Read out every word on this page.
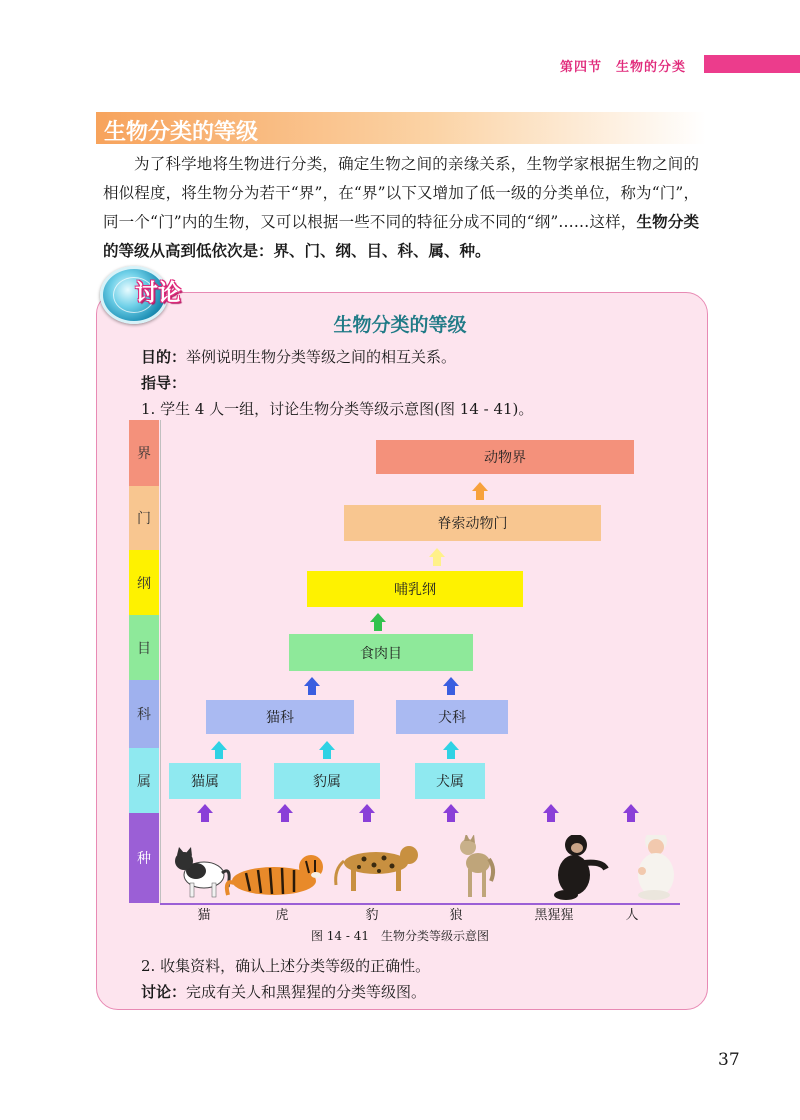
第四节　生物的分类
生物分类的等级

为了科学地将生物进行分类，确定生物之间的亲缘关系，生物学家根据生物之间的相似程度，将生物分为若干“界”，在“界”以下又增加了低一级的分类单位，称为“门”，同一个“门”内的生物，又可以根据一些不同的特征分成不同的“纲”……这样，生物分类的等级从高到低依次是：界、门、纲、目、科、属、种。

讨论
生物分类的等级
目的：举例说明生物分类等级之间的相互关系。
指导：
1. 学生 4 人一组，讨论生物分类等级示意图(图 14 - 41)。
界
门
纲
目
科
属
种
动物界
脊索动物门
哺乳纲
食肉目
猫科	犬科
猫属	豹属	犬属
猫	虎	豹	狼	黑猩猩	人
图 14 - 41　生物分类等级示意图
2. 收集资料，确认上述分类等级的正确性。
讨论：完成有关人和黑猩猩的分类等级图。
37
